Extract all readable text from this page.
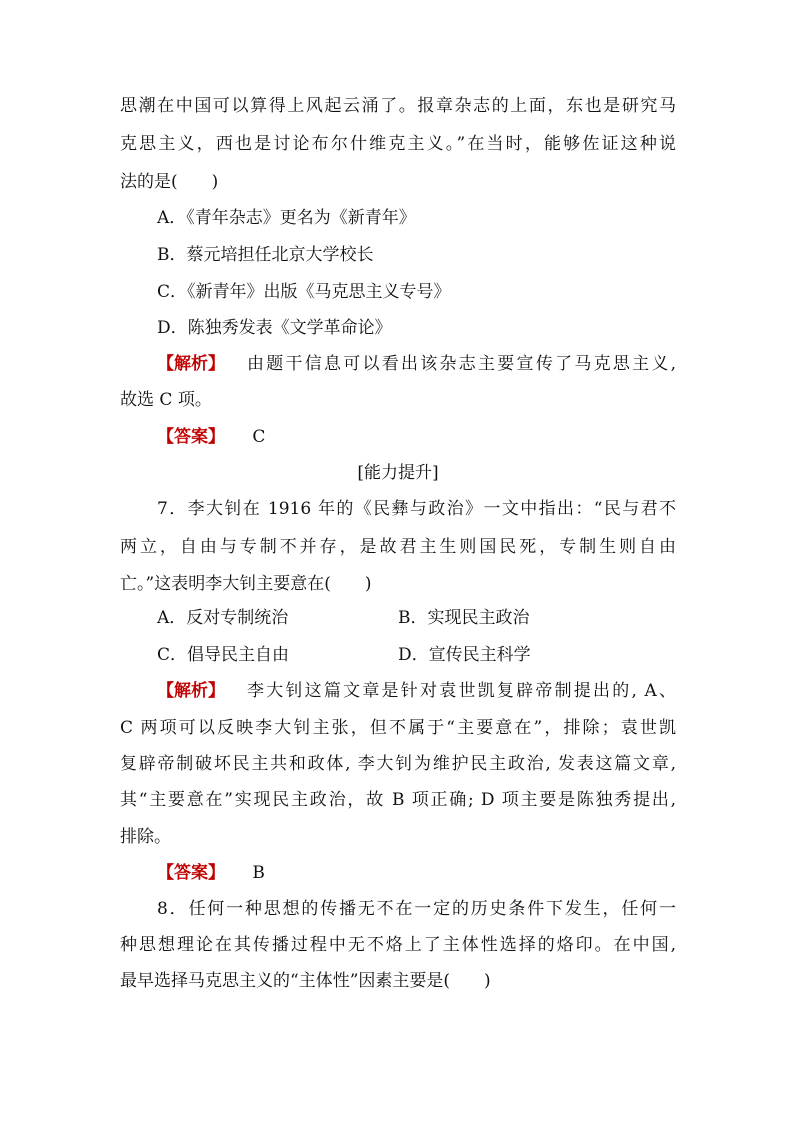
思潮在中国可以算得上风起云涌了。报章杂志的上面，东也是研究马
克思主义，西也是讨论布尔什维克主义。”在当时，能够佐证这种说
法的是(　　)
A．《青年杂志》更名为《新青年》
B．蔡元培担任北京大学校长
C．《新青年》出版《马克思主义专号》
D．陈独秀发表《文学革命论》
【解析】 由题干信息可以看出该杂志主要宣传了马克思主义,
故选 C 项。
【答案】 C
[能力提升]
7．李大钊在 1916 年的《民彝与政治》一文中指出：“民与君不
两立，自由与专制不并存，是故君主生则国民死，专制生则自由
亡。”这表明李大钊主要意在(　　)
A．反对专制统治	B．实现民主政治
C．倡导民主自由	D．宣传民主科学
【解析】 李大钊这篇文章是针对袁世凯复辟帝制提出的, A、
C 两项可以反映李大钊主张，但不属于“主要意在”，排除；袁世凯
复辟帝制破坏民主共和政体, 李大钊为维护民主政治, 发表这篇文章,
其“主要意在”实现民主政治，故 B 项正确; D 项主要是陈独秀提出,
排除。
【答案】 B
8．任何一种思想的传播无不在一定的历史条件下发生，任何一
种思想理论在其传播过程中无不烙上了主体性选择的烙印。在中国,
最早选择马克思主义的“主体性”因素主要是(　　)
